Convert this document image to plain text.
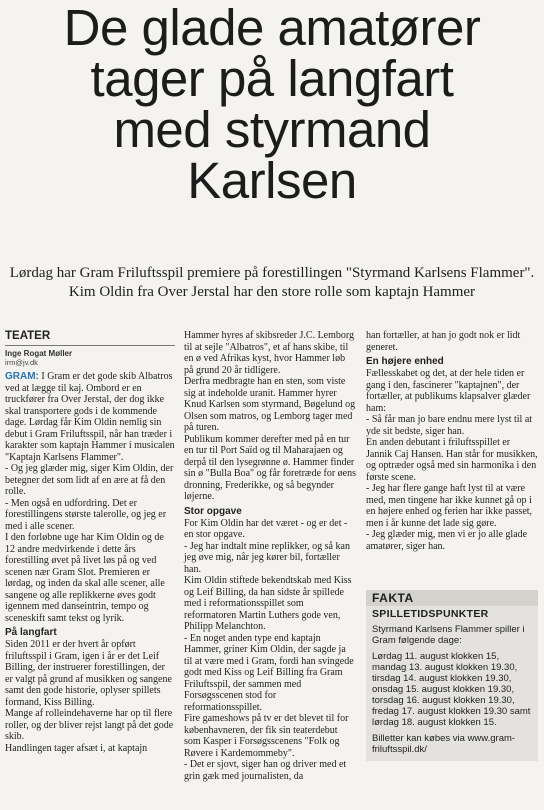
De glade amatører
tager på langfart
med styrmand
Karlsen
Lørdag har Gram Friluftsspil premiere på forestillingen "Styrmand Karlsens Flammer". Kim Oldin fra Over Jerstal har den store rolle som kaptajn Hammer
TEATER
Inge Rogat Møller
irm@jv.dk

GRAM: I Gram er det gode skib Albatros ved at lægge til kaj. Ombord er en truckfører fra Over Jerstal, der dog ikke skal transportere gods i de kommende dage. Lørdag får Kim Oldin nemlig sin debut i Gram Friluftsspil, når han træder i karakter som kaptajn Hammer i musicalen "Kaptajn Karlsens Flammer".

- Og jeg glæder mig, siger Kim Oldin, der betegner det som lidt af en ære at få den rolle.

- Men også en udfordring. Det er forestillingens største talerolle, og jeg er med i alle scener.

I den forløbne uge har Kim Oldin og de 12 andre medvirkende i dette års forestilling øvet på livet løs på og ved scenen nær Gram Slot. Premieren er lørdag, og inden da skal alle scener, alle sangene og alle replikkerne øves godt igennem med danseintrin, tempo og sceneskift samt tekst og lyrik.

På langfart

Siden 2011 er der hvert år opført friluftsspil i Gram, igen i år er det Leif Billing, der instruerer forestillingen, der er valgt på grund af musikken og sangene samt den gode historie, oplyser spillets formand, Kiss Billing.

Mange af rolleindehaverne har op til flere roller, og der bliver rejst langt på det gode skib.

Handlingen tager afsæt i, at kaptajn

Hammer hyres af skibsreder J.C. Lemborg til at sejle "Albatros", et af hans skibe, til en ø ved Afrikas kyst, hvor Hammer løb på grund 20 år tidligere.

Derfra medbragte han en sten, som viste sig at indeholde uranit. Hammer hyrer Knud Karlsen som styrmand, Bøgelund og Olsen som matros, og Lemborg tager med på turen.

Publikum kommer derefter med på en tur en tur til Port Saïd og til Maharajaen og derpå til den lysegrønne ø. Hammer finder sin ø "Bulla Boa" og får foretræde for øens dronning, Frederikke, og så begynder løjerne.

Stor opgave

For Kim Oldin har det været - og er det - en stor opgave.

- Jeg har indtalt mine replikker, og så kan jeg øve mig, når jeg kører bil, fortæller han.

Kim Oldin stiftede bekendtskab med Kiss og Leif Billing, da han sidste år spillede med i reformationsspillet som reformatoren Martin Luthers gode ven, Philipp Melanchton.

- En noget anden type end kaptajn Hammer, griner Kim Oldin, der sagde ja til at være med i Gram, fordi han svingede godt med Kiss og Leif Billing fra Gram Friluftsspil, der sammen med Forsøgsscenen stod for reformationsspillet.

Fire gameshows på tv er det blevet til for københavneren, der fik sin teaterdebut som Kasper i Forsøgsscenens "Folk og Røvere i Kardemommeby".

- Det er sjovt, siger han og driver med et grin gæk med journalisten, da

han fortæller, at han jo godt nok er lidt generet.

En højere enhed

Fællesskabet og det, at der hele tiden er gang i den, fascinerer "kaptajnen", der fortæller, at publikums klapsalver glæder ham:

- Så får man jo bare endnu mere lyst til at yde sit bedste, siger han.

En anden debutant i friluftsspillet er Jannik Caj Hansen. Han står for musikken, og optræder også med sin harmonika i den første scene.

- Jeg har flere gange haft lyst til at være med, men tingene har ikke kunnet gå op i en højere enhed og ferien har ikke passet, men i år kunne det lade sig gøre.

- Jeg glæder mig, men vi er jo alle glade amatører, siger han.

FAKTA
SPILLETIDSPUNKTER

Styrmand Karlsens Flammer spiller i Gram følgende dage:

Lørdag 11. august klokken 15, mandag 13. august klokken 19.30, tirsdag 14. august klokken 19.30, onsdag 15. august klokken 19.30, torsdag 16. august klokken 19.30, fredag 17. august klokken 19.30 samt lørdag 18. august klokken 15.

Billetter kan købes via www.gram-friluftsspil.dk/
